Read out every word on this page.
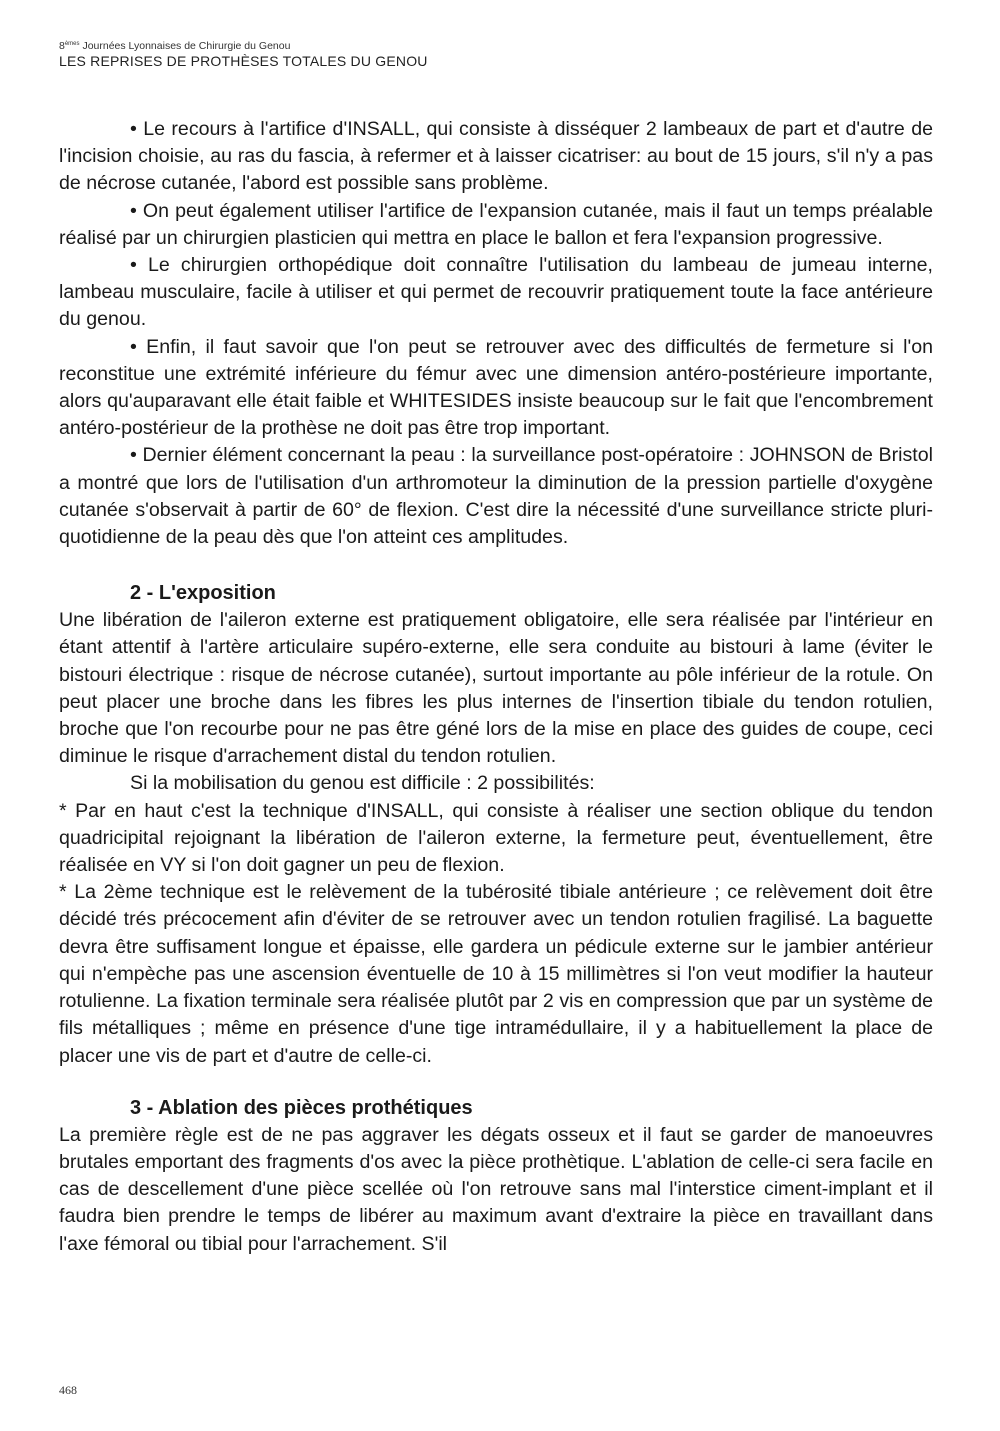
8èmes Journées Lyonnaises de Chirurgie du Genou
LES REPRISES DE PROTHÈSES TOTALES DU GENOU

• Le recours à l'artifice d'INSALL, qui consiste à disséquer 2 lambeaux de part et d'autre de l'incision choisie, au ras du fascia, à refermer et à laisser cicatriser: au bout de 15 jours, s'il n'y a pas de nécrose cutanée, l'abord est possible sans problème.

• On peut également utiliser l'artifice de l'expansion cutanée, mais il faut un temps préalable réalisé par un chirurgien plasticien qui mettra en place le ballon et fera l'expansion progressive.

• Le chirurgien orthopédique doit connaître l'utilisation du lambeau de jumeau interne, lambeau musculaire, facile à utiliser et qui permet de recouvrir pratiquement toute la face antérieure du genou.

• Enfin, il faut savoir que l'on peut se retrouver avec des difficultés de fermeture si l'on reconstitue une extrémité inférieure du fémur avec une dimension antéro-postérieure importante, alors qu'auparavant elle était faible et WHITESIDES insiste beaucoup sur le fait que l'encombrement antéro-postérieur de la prothèse ne doit pas être trop important.

• Dernier élément concernant la peau : la surveillance post-opératoire : JOHNSON de Bristol a montré que lors de l'utilisation d'un arthromoteur la diminution de la pression partielle d'oxygène cutanée s'observait à partir de 60° de flexion. C'est dire la nécessité d'une surveillance stricte pluri-quotidienne de la peau dès que l'on atteint ces amplitudes.

2 - L'exposition

Une libération de l'aileron externe est pratiquement obligatoire, elle sera réalisée par l'intérieur en étant attentif à l'artère articulaire supéro-externe, elle sera conduite au bistouri à lame (éviter le bistouri électrique : risque de nécrose cutanée), surtout importante au pôle inférieur de la rotule. On peut placer une broche dans les fibres les plus internes de l'insertion tibiale du tendon rotulien, broche que l'on recourbe pour ne pas être géné lors de la mise en place des guides de coupe, ceci diminue le risque d'arrachement distal du tendon rotulien.

Si la mobilisation du genou est difficile : 2 possibilités:

* Par en haut c'est la technique d'INSALL, qui consiste à réaliser une section oblique du tendon quadricipital rejoignant la libération de l'aileron externe, la fermeture peut, éventuellement, être réalisée en VY si l'on doit gagner un peu de flexion.

* La 2ème technique est le relèvement de la tubérosité tibiale antérieure ; ce relèvement doit être décidé trés précocement afin d'éviter de se retrouver avec un tendon rotulien fragilisé. La baguette devra être suffisament longue et épaisse, elle gardera un pédicule externe sur le jambier antérieur qui n'empèche pas une ascension éventuelle de 10 à 15 millimètres si l'on veut modifier la hauteur rotulienne. La fixation terminale sera réalisée plutôt par 2 vis en compression que par un système de fils métalliques ; même en présence d'une tige intramédullaire, il y a habituellement la place de placer une vis de part et d'autre de celle-ci.

3 - Ablation des pièces prothétiques

La première règle est de ne pas aggraver les dégats osseux et il faut se garder de manoeuvres brutales emportant des fragments d'os avec la pièce prothètique. L'ablation de celle-ci sera facile en cas de descellement d'une pièce scellée où l'on retrouve sans mal l'interstice ciment-implant et il faudra bien prendre le temps de libérer au maximum avant d'extraire la pièce en travaillant dans l'axe fémoral ou tibial pour l'arrachement. S'il

468
